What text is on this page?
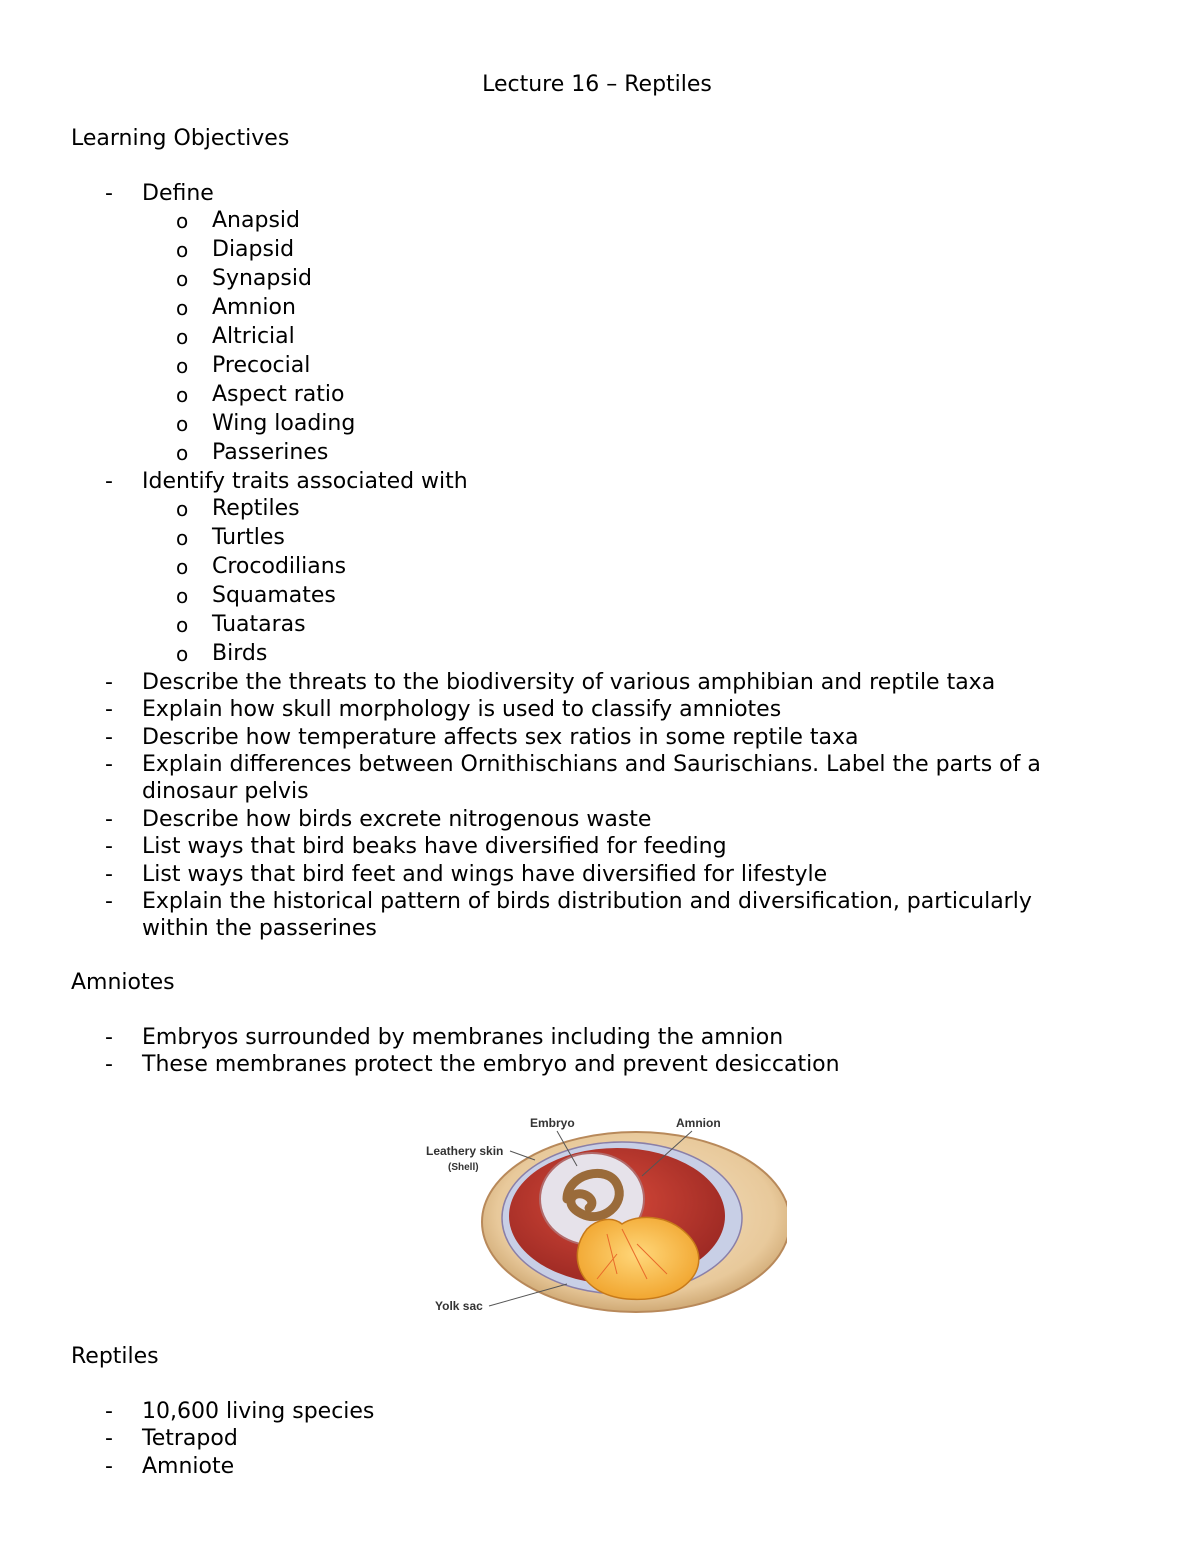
Lecture 16 – Reptiles
Learning Objectives
- Define
o Anapsid
o Diapsid
o Synapsid
o Amnion
o Altricial
o Precocial
o Aspect ratio
o Wing loading
o Passerines
- Identify traits associated with
o Reptiles
o Turtles
o Crocodilians
o Squamates
o Tuataras
o Birds
- Describe the threats to the biodiversity of various amphibian and reptile taxa
- Explain how skull morphology is used to classify amniotes
- Describe how temperature affects sex ratios in some reptile taxa
- Explain differences between Ornithischians and Saurischians. Label the parts of a
dinosaur pelvis
- Describe how birds excrete nitrogenous waste
- List ways that bird beaks have diversified for feeding
- List ways that bird feet and wings have diversified for lifestyle
- Explain the historical pattern of birds distribution and diversification, particularly
within the passerines
Amniotes
- Embryos surrounded by membranes including the amnion
- These membranes protect the embryo and prevent desiccation
Embryo	Amnion
Leathery skin
(Shell)
Yolk sac
Reptiles
- 10,600 living species
- Tetrapod
- Amniote
